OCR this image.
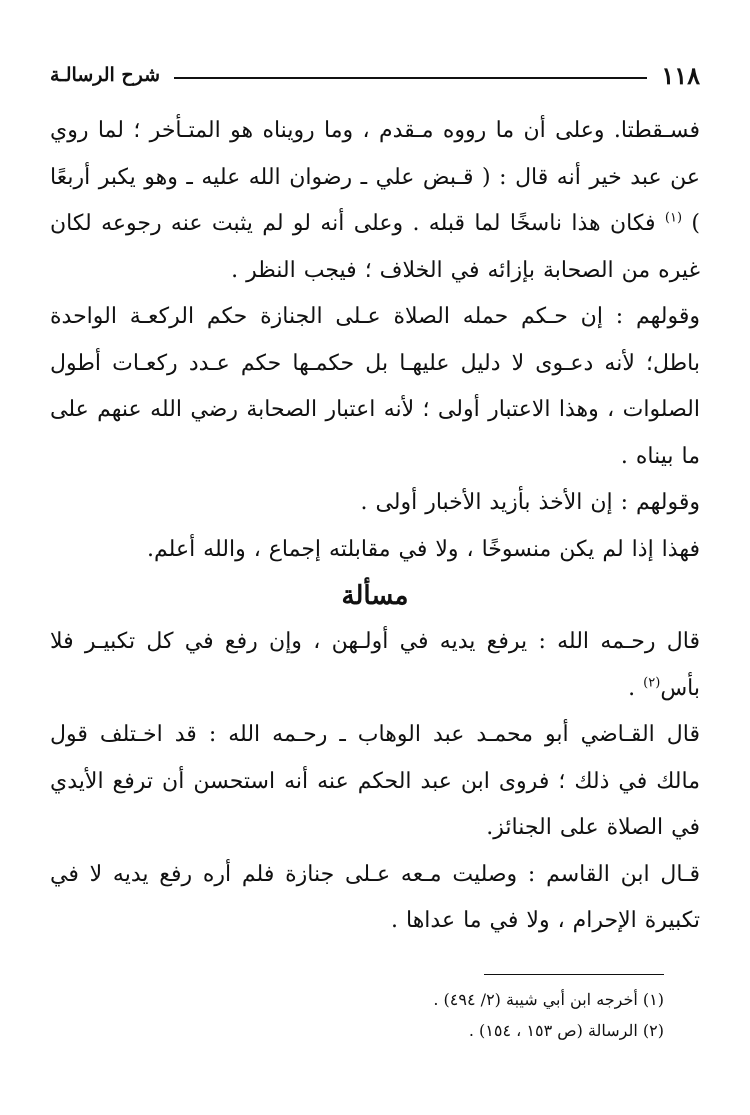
١١٨
شرح الرسالـة

فسـقطتا. وعلى أن ما رووه مـقدم ، وما رويناه هو المتـأخر ؛ لما روي عن عبد خير أنه قال : ( قـبض علي ـ رضوان الله عليه ـ وهو يكبر أربعًا ) $^{(١)}$ فكان هذا ناسخًا لما قبله . وعلى أنه لو لم يثبت عنه رجوعه لكان غيره من الصحابة بإزائه في الخلاف ؛ فيجب النظر .

وقولهم : إن حـكم حمله الصلاة عـلى الجنازة حكم الركعـة الواحدة باطل؛ لأنه دعـوى لا دليل عليهـا بل حكمـها حكم عـدد ركعـات أطول الصلوات ، وهذا الاعتبار أولى ؛ لأنه اعتبار الصحابة رضي الله عنهم على ما بيناه .

وقولهم : إن الأخذ بأزيد الأخبار أولى .

فهذا إذا لم يكن منسوخًا ، ولا في مقابلته إجماع ، والله أعلم.

مسألة

قال رحـمه الله : يرفع يديه في أولـهن ، وإن رفع في كل تكبيـر فلا بأس$^{(٢)}$ .

قال القـاضي أبو محمـد عبد الوهاب ـ رحـمه الله : قد اخـتلف قول مالك في ذلك ؛ فروى ابن عبد الحكم عنه أنه استحسن أن ترفع الأيدي في الصلاة على الجنائز.

قـال ابن القاسم : وصليت مـعه عـلى جنازة فلم أره رفع يديه لا في تكبيرة الإحرام ، ولا في ما عداها .

(١) أخرجه ابن أبي شيبة (٢/ ٤٩٤) .

(٢) الرسالة (ص ١٥٣ ، ١٥٤) .
